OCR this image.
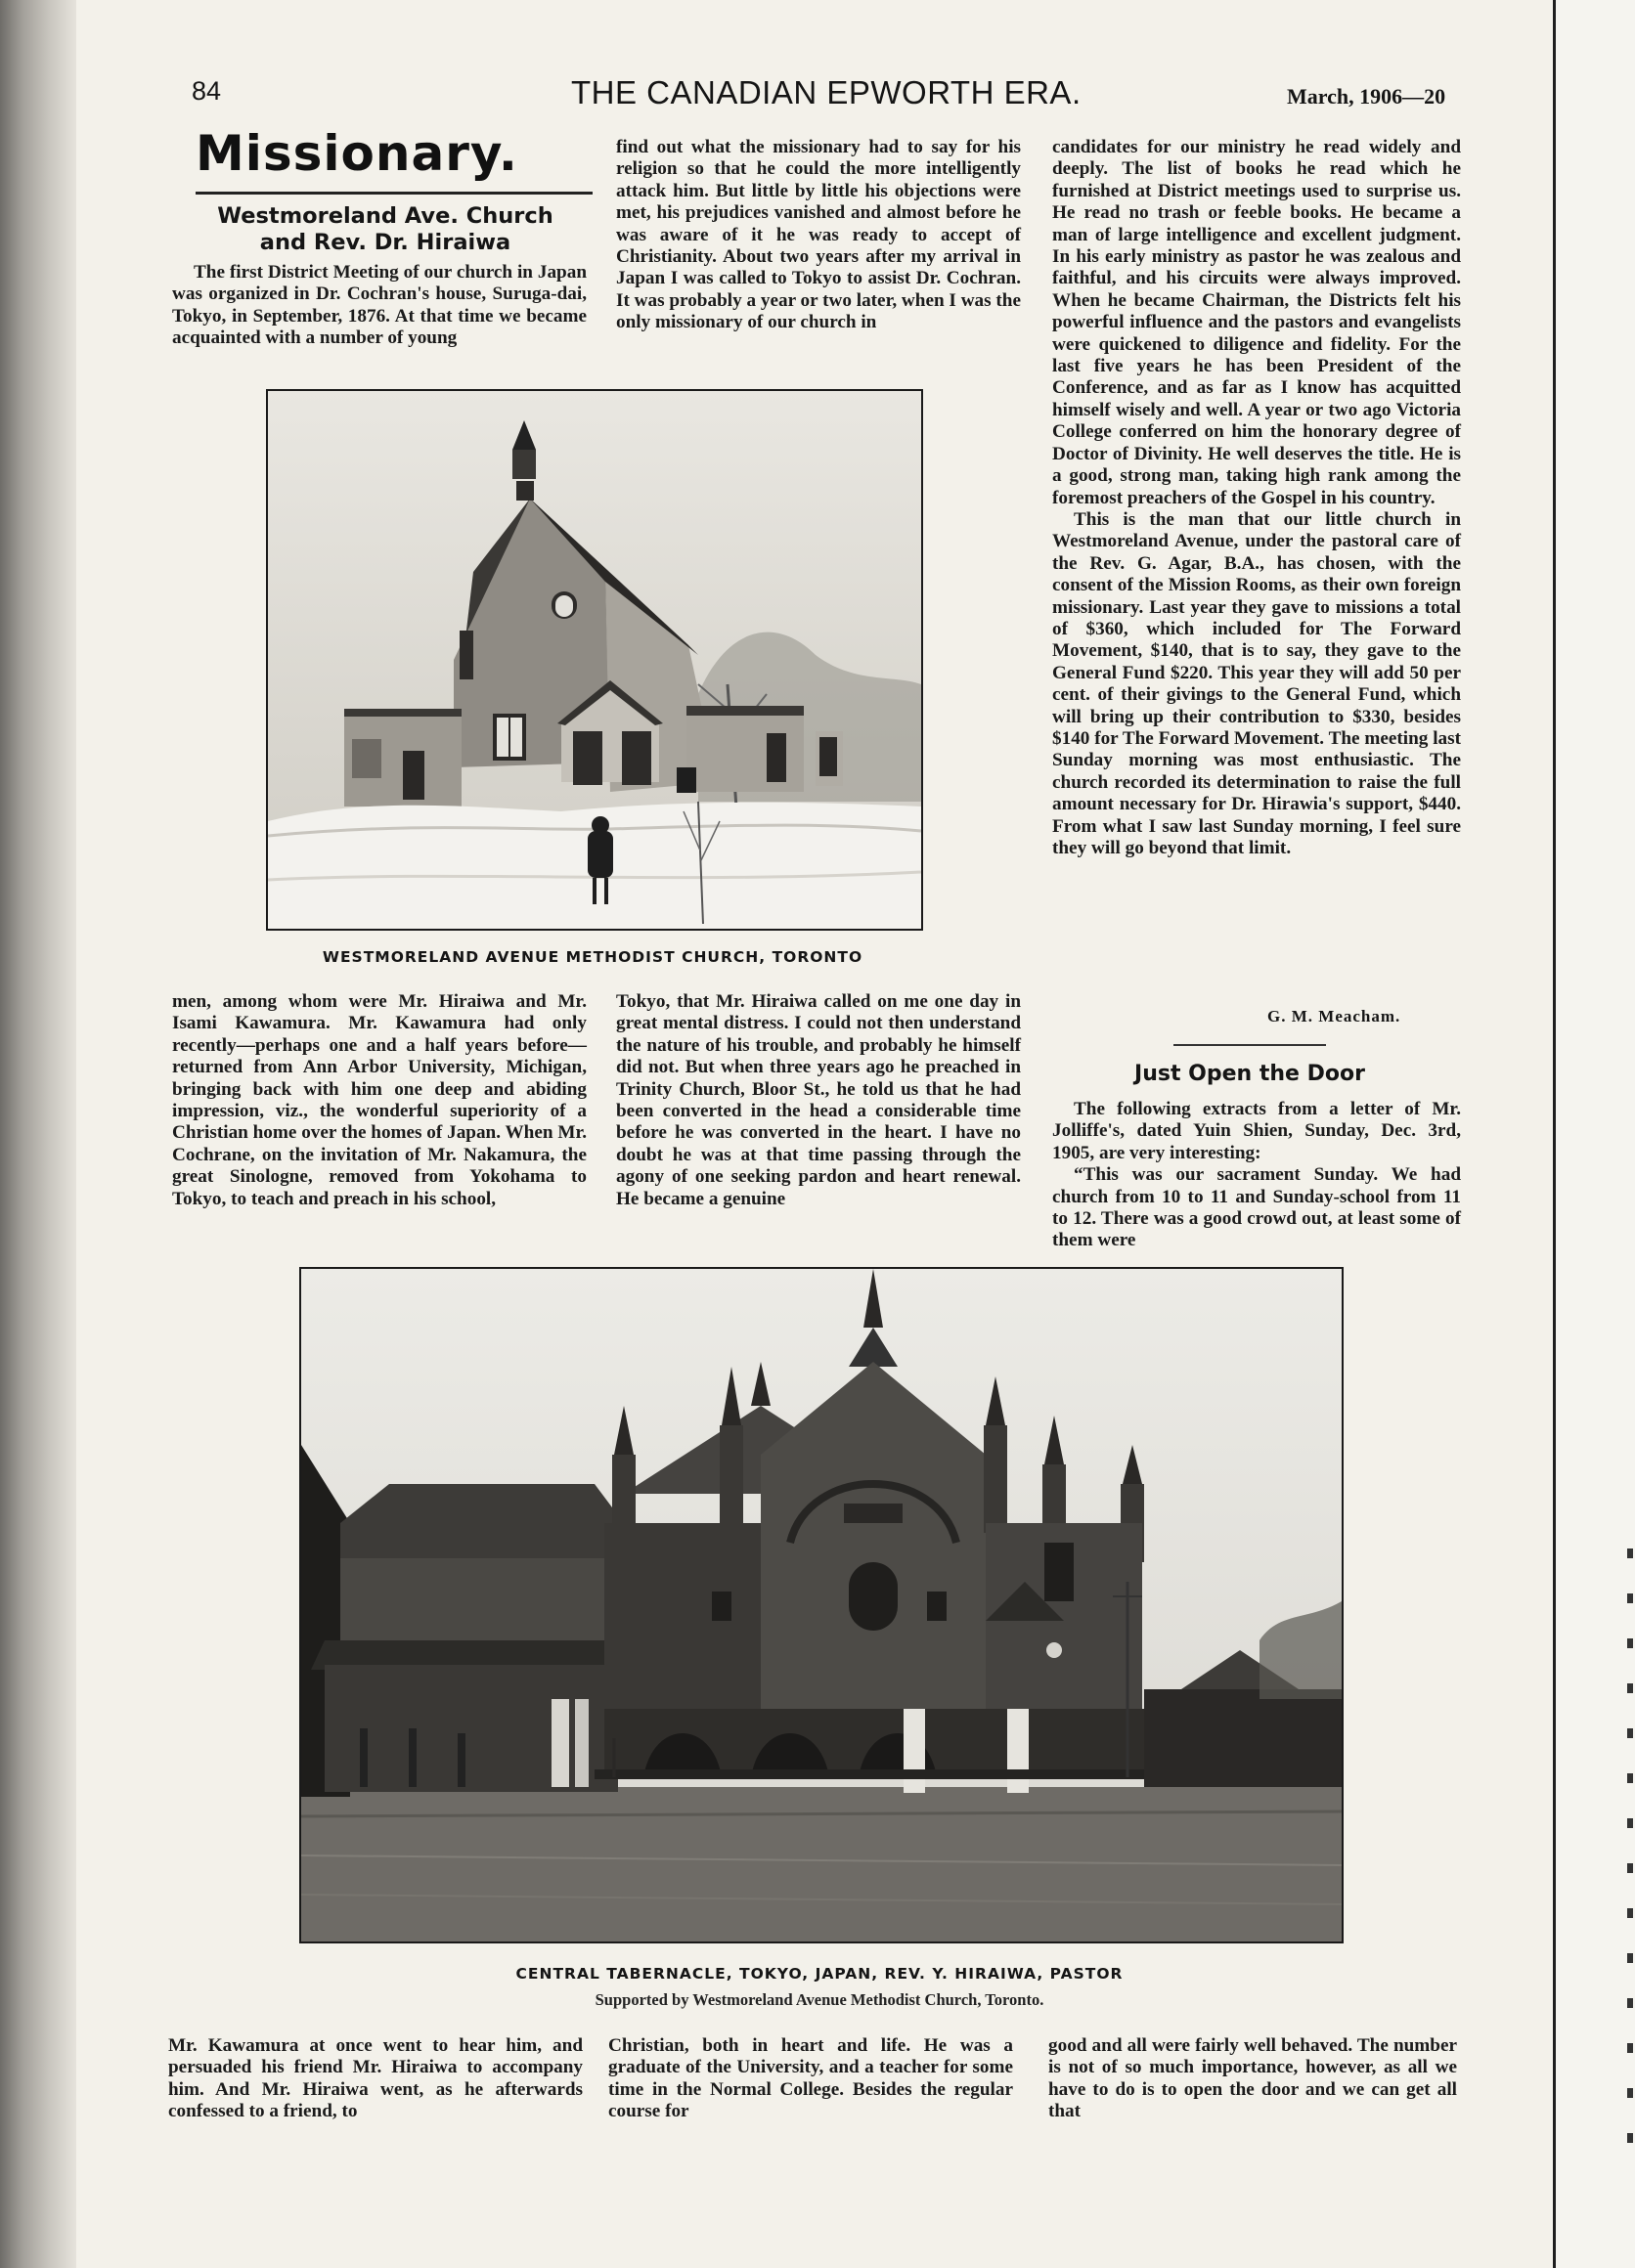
84	THE CANADIAN EPWORTH ERA.	March, 1906—20
Missionary.
Westmoreland Ave. Church
and Rev. Dr. Hiraiwa

The first District Meeting of our church in Japan was organized in Dr. Cochran's house, Suruga-dai, Tokyo, in September, 1876. At that time we became acquainted with a number of young

find out what the missionary had to say for his religion so that he could the more intelligently attack him. But little by little his objections were met, his prejudices vanished and almost before he was aware of it he was ready to accept of Christianity. About two years after my arrival in Japan I was called to Tokyo to assist Dr. Cochran. It was probably a year or two later, when I was the only missionary of our church in

candidates for our ministry he read widely and deeply. The list of books he read which he furnished at District meetings used to surprise us. He read no trash or feeble books. He became a man of large intelligence and excellent judgment. In his early ministry as pastor he was zealous and faithful, and his circuits were always improved. When he became Chairman, the Districts felt his powerful influence and the pastors and evangelists were quickened to diligence and fidelity. For the last five years he has been President of the Conference, and as far as I know has acquitted himself wisely and well. A year or two ago Victoria College conferred on him the honorary degree of Doctor of Divinity. He well deserves the title. He is a good, strong man, taking high rank among the foremost preachers of the Gospel in his country.

This is the man that our little church in Westmoreland Avenue, under the pastoral care of the Rev. G. Agar, B.A., has chosen, with the consent of the Mission Rooms, as their own foreign missionary. Last year they gave to missions a total of $360, which included for The Forward Movement, $140, that is to say, they gave to the General Fund $220. This year they will add 50 per cent. of their givings to the General Fund, which will bring up their contribution to $330, besides $140 for The Forward Movement. The meeting last Sunday morning was most enthusiastic. The church recorded its determination to raise the full amount necessary for Dr. Hirawia's support, $440. From what I saw last Sunday morning, I feel sure they will go beyond that limit.

G. M. Meacham.
WESTMORELAND AVENUE METHODIST CHURCH, TORONTO

men, among whom were Mr. Hiraiwa and Mr. Isami Kawamura. Mr. Kawamura had only recently—perhaps one and a half years before—returned from Ann Arbor University, Michigan, bringing back with him one deep and abiding impression, viz., the wonderful superiority of a Christian home over the homes of Japan. When Mr. Cochrane, on the invitation of Mr. Nakamura, the great Sinologne, removed from Yokohama to Tokyo, to teach and preach in his school,

Tokyo, that Mr. Hiraiwa called on me one day in great mental distress. I could not then understand the nature of his trouble, and probably he himself did not. But when three years ago he preached in Trinity Church, Bloor St., he told us that he had been converted in the head a considerable time before he was converted in the heart. I have no doubt he was at that time passing through the agony of one seeking pardon and heart renewal. He became a genuine

Just Open the Door

The following extracts from a letter of Mr. Jolliffe's, dated Yuin Shien, Sunday, Dec. 3rd, 1905, are very interesting:

“This was our sacrament Sunday. We had church from 10 to 11 and Sunday-school from 11 to 12. There was a good crowd out, at least some of them were

CENTRAL TABERNACLE, TOKYO, JAPAN, REV. Y. HIRAIWA, PASTOR
Supported by Westmoreland Avenue Methodist Church, Toronto.

Mr. Kawamura at once went to hear him, and persuaded his friend Mr. Hiraiwa to accompany him. And Mr. Hiraiwa went, as he afterwards confessed to a friend, to

Christian, both in heart and life. He was a graduate of the University, and a teacher for some time in the Normal College. Besides the regular course for

good and all were fairly well behaved. The number is not of so much importance, however, as all we have to do is to open the door and we can get all that
